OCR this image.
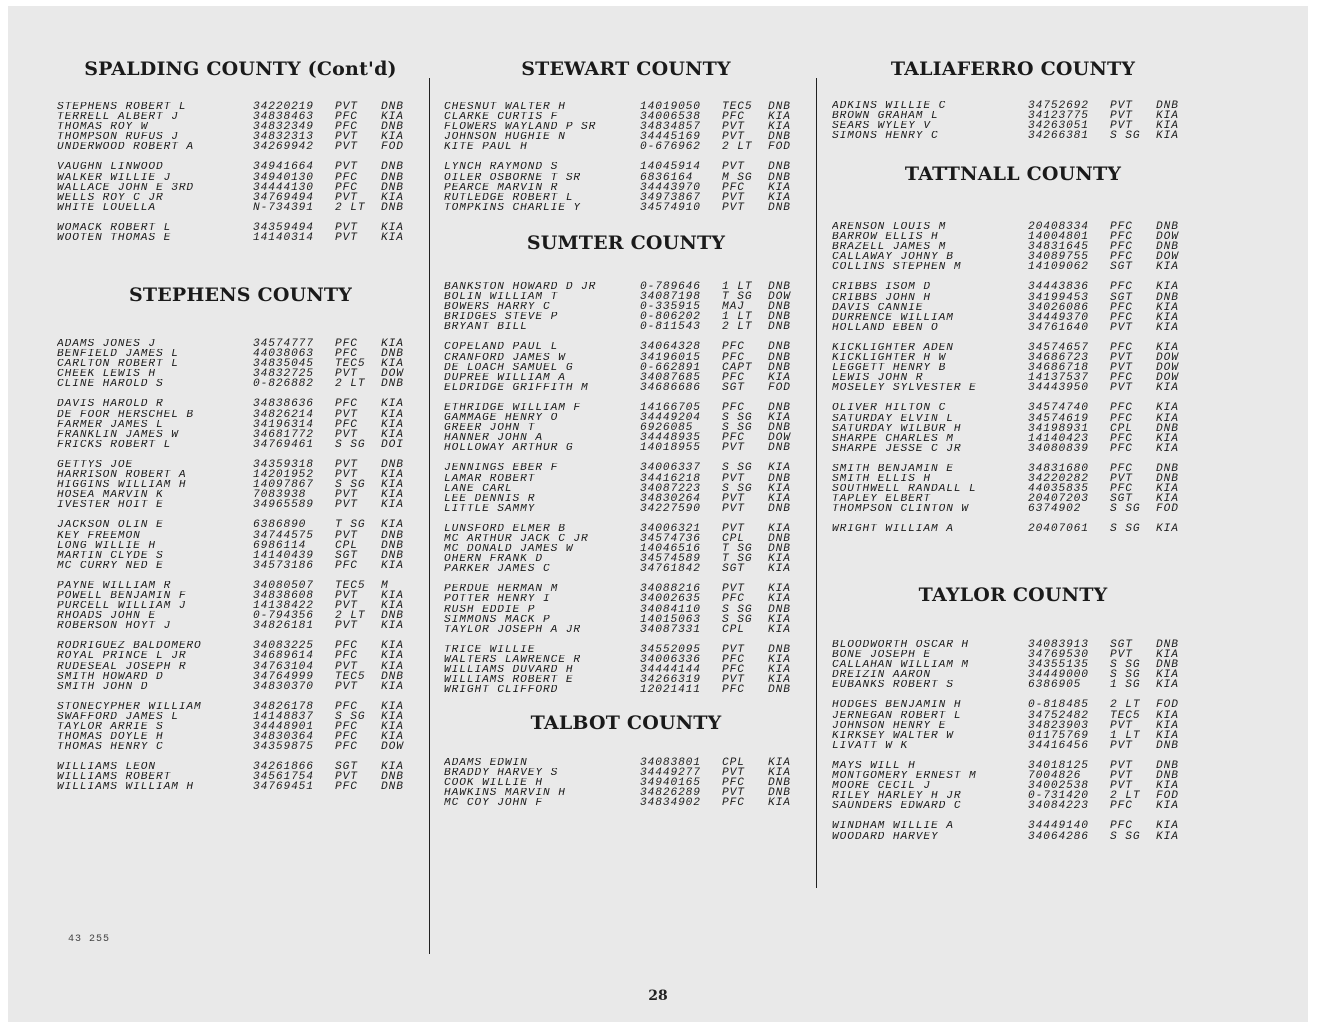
SPALDING COUNTY (Cont'd)
STEPHENS ROBERT L	34220219	PVT	DNB
TERRELL ALBERT J	34838463	PFC	KIA
THOMAS ROY W	34832349	PFC	DNB
THOMPSON RUFUS J	34832313	PVT	KIA
UNDERWOOD ROBERT A	34269942	PVT	FOD
VAUGHN LINWOOD	34941664	PVT	DNB
WALKER WILLIE J	34940130	PFC	DNB
WALLACE JOHN E 3RD	34444130	PFC	DNB
WELLS ROY C JR	34769494	PVT	KIA
WHITE LOUELLA	N-734391	2 LT	DNB
WOMACK ROBERT L	34359494	PVT	KIA
WOOTEN THOMAS E	14140314	PVT	KIA
STEPHENS COUNTY
ADAMS JONES J	34574777	PFC	KIA
BENFIELD JAMES L	44038063	PFC	DNB
CARLTON ROBERT L	34835045	TEC5	KIA
CHEEK LEWIS H	34832725	PVT	DOW
CLINE HAROLD S	0-826882	2 LT	DNB
DAVIS HAROLD R	34838636	PFC	KIA
DE FOOR HERSCHEL B	34826214	PVT	KIA
FARMER JAMES L	34196314	PFC	KIA
FRANKLIN JAMES W	34681772	PVT	KIA
FRICKS ROBERT L	34769461	S SG	DOI
GETTYS JOE	34359318	PVT	DNB
HARRISON ROBERT A	14201952	PVT	KIA
HIGGINS WILLIAM H	14097867	S SG	KIA
HOSEA MARVIN K	7083938	PVT	KIA
IVESTER HOIT E	34965589	PVT	KIA
JACKSON OLIN E	6386890	T SG	KIA
KEY FREEMON	34744575	PVT	DNB
LONG WILLIE H	6986114	CPL	DNB
MARTIN CLYDE S	14140439	SGT	DNB
MC CURRY NED E	34573186	PFC	KIA
PAYNE WILLIAM R	34080507	TEC5	M
POWELL BENJAMIN F	34838608	PVT	KIA
PURCELL WILLIAM J	14138422	PVT	KIA
RHOADS JOHN E	0-794356	2 LT	DNB
ROBERSON HOYT J	34826181	PVT	KIA
RODRIGUEZ BALDOMERO	34083225	PFC	KIA
ROYAL PRINCE L JR	34689614	PFC	KIA
RUDESEAL JOSEPH R	34763104	PVT	KIA
SMITH HOWARD D	34764999	TEC5	DNB
SMITH JOHN D	34830370	PVT	KIA
STONECYPHER WILLIAM	34826178	PFC	KIA
SWAFFORD JAMES L	14148837	S SG	KIA
TAYLOR ARRIE S	34448901	PFC	KIA
THOMAS DOYLE H	34830364	PFC	KIA
THOMAS HENRY C	34359875	PFC	DOW
WILLIAMS LEON	34261866	SGT	KIA
WILLIAMS ROBERT	34561754	PVT	DNB
WILLIAMS WILLIAM H	34769451	PFC	DNB
STEWART COUNTY
CHESNUT WALTER H	14019050	TEC5	DNB
CLARKE CURTIS F	34006538	PFC	KIA
FLOWERS WAYLAND P SR	34834857	PVT	KIA
JOHNSON HUGHIE N	34445169	PVT	DNB
KITE PAUL H	0-676962	2 LT	FOD
LYNCH RAYMOND S	14045914	PVT	DNB
OILER OSBORNE T SR	6836164	M SG	DNB
PEARCE MARVIN R	34443970	PFC	KIA
RUTLEDGE ROBERT L	34973867	PVT	KIA
TOMPKINS CHARLIE Y	34574910	PVT	DNB
SUMTER COUNTY
BANKSTON HOWARD D JR	0-789646	1 LT	DNB
BOLIN WILLIAM T	34087198	T SG	DOW
BOWERS HARRY C	0-335915	MAJ	DNB
BRIDGES STEVE P	0-806202	1 LT	DNB
BRYANT BILL	0-811543	2 LT	DNB
COPELAND PAUL L	34064328	PFC	DNB
CRANFORD JAMES W	34196015	PFC	DNB
DE LOACH SAMUEL G	0-662891	CAPT	DNB
DUPREE WILLIAM A	34087685	PFC	KIA
ELDRIDGE GRIFFITH M	34686686	SGT	FOD
ETHRIDGE WILLIAM F	14166705	PFC	DNB
GAMMAGE HENRY O	34449204	S SG	KIA
GREER JOHN T	6926085	S SG	DNB
HANNER JOHN A	34448935	PFC	DOW
HOLLOWAY ARTHUR G	14018955	PVT	DNB
JENNINGS EBER F	34006337	S SG	KIA
LAMAR ROBERT	34416218	PVT	DNB
LANE CARL	34087223	S SG	KIA
LEE DENNIS R	34830264	PVT	KIA
LITTLE SAMMY	34227590	PVT	DNB
LUNSFORD ELMER B	34006321	PVT	KIA
MC ARTHUR JACK C JR	34574736	CPL	DNB
MC DONALD JAMES W	14046516	T SG	DNB
OHERN FRANK D	34574589	T SG	KIA
PARKER JAMES C	34761842	SGT	KIA
PERDUE HERMAN M	34088216	PVT	KIA
POTTER HENRY I	34002635	PFC	KIA
RUSH EDDIE P	34084110	S SG	DNB
SIMMONS MACK P	14015063	S SG	KIA
TAYLOR JOSEPH A JR	34087331	CPL	KIA
TRICE WILLIE	34552095	PVT	DNB
WALTERS LAWRENCE R	34006336	PFC	KIA
WILLIAMS DUVARD H	34444144	PFC	KIA
WILLIAMS ROBERT E	34266319	PVT	KIA
WRIGHT CLIFFORD	12021411	PFC	DNB
TALBOT COUNTY
ADAMS EDWIN	34083801	CPL	KIA
BRADDY HARVEY S	34449277	PVT	KIA
COOK WILLIE H	34940165	PFC	DNB
HAWKINS MARVIN H	34826289	PVT	DNB
MC COY JOHN F	34834902	PFC	KIA
TALIAFERRO COUNTY
ADKINS WILLIE C	34752692	PVT	DNB
BROWN GRAHAM L	34123775	PVT	KIA
SEARS WYLEY V	34263051	PVT	KIA
SIMONS HENRY C	34266381	S SG	KIA
TATTNALL COUNTY
ARENSON LOUIS M	20408334	PFC	DNB
BARROW ELLIS H	14004801	PFC	DOW
BRAZELL JAMES M	34831645	PFC	DNB
CALLAWAY JOHNY B	34089755	PFC	DOW
COLLINS STEPHEN M	14109062	SGT	KIA
CRIBBS ISOM D	34443836	PFC	KIA
CRIBBS JOHN H	34199453	SGT	DNB
DAVIS CANNIE	34026086	PFC	KIA
DURRENCE WILLIAM	34449370	PFC	KIA
HOLLAND EBEN O	34761640	PVT	KIA
KICKLIGHTER ADEN	34574657	PFC	KIA
KICKLIGHTER H W	34686723	PVT	DOW
LEGGETT HENRY B	34686718	PVT	DOW
LEWIS JOHN R	14137537	PFC	DOW
MOSELEY SYLVESTER E	34443950	PVT	KIA
OLIVER HILTON C	34574740	PFC	KIA
SATURDAY ELVIN L	34574619	PFC	KIA
SATURDAY WILBUR H	34198931	CPL	DNB
SHARPE CHARLES M	14140423	PFC	KIA
SHARPE JESSE C JR	34080839	PFC	KIA
SMITH BENJAMIN E	34831680	PFC	DNB
SMITH ELLIS H	34220282	PVT	DNB
SOUTHWELL RANDALL L	44035835	PFC	KIA
TAPLEY ELBERT	20407203	SGT	KIA
THOMPSON CLINTON W	6374902	S SG	FOD
WRIGHT WILLIAM A	20407061	S SG	KIA
TAYLOR COUNTY
BLOODWORTH OSCAR H	34083913	SGT	DNB
BONE JOSEPH E	34769530	PVT	KIA
CALLAHAN WILLIAM M	34355135	S SG	DNB
DREIZIN AARON	34449000	S SG	KIA
EUBANKS ROBERT S	6386905	1 SG	KIA
HODGES BENJAMIN H	0-818485	2 LT	FOD
JERNEGAN ROBERT L	34752482	TEC5	KIA
JOHNSON HENRY E	34823903	PVT	KIA
KIRKSEY WALTER W	01175769	1 LT	KIA
LIVATT W K	34416456	PVT	DNB
MAYS WILL H	34018125	PVT	DNB
MONTGOMERY ERNEST M	7004826	PVT	DNB
MOORE CECIL J	34002538	PVT	KIA
RILEY HARLEY H JR	0-731420	2 LT	FOD
SAUNDERS EDWARD C	34084223	PFC	KIA
WINDHAM WILLIE A	34449140	PFC	KIA
WOODARD HARVEY	34064286	S SG	KIA
43 255
28
